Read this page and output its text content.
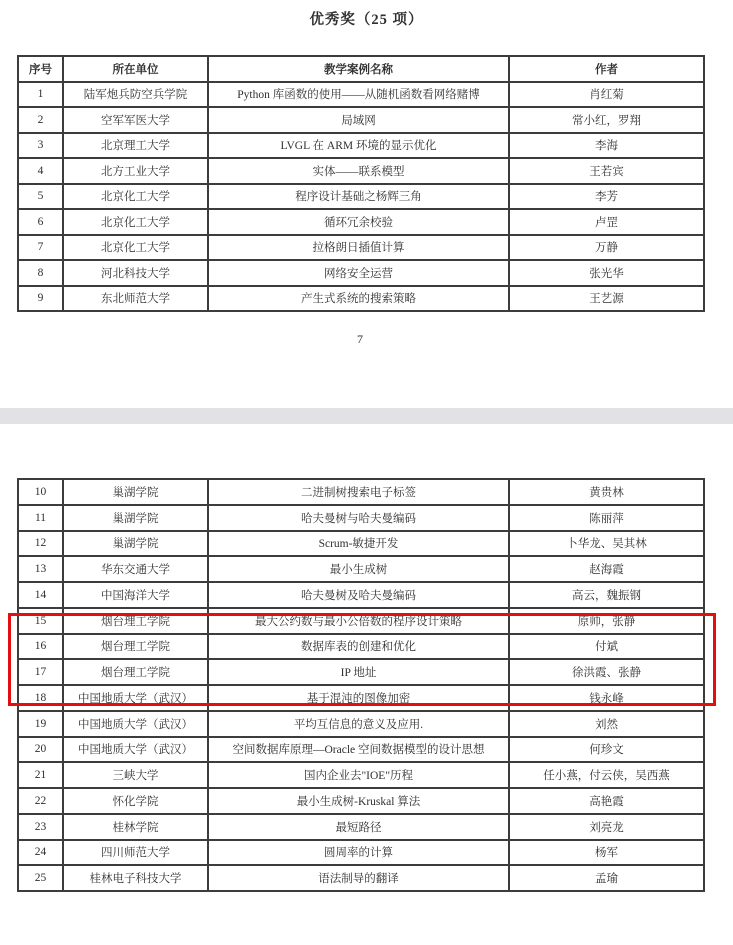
优秀奖（25 项）
序号	所在单位	教学案例名称	作者
1	陆军炮兵防空兵学院	Python 库函数的使用——从随机函数看网络赌博	肖红菊
2	空军军医大学	局域网	常小红，罗翔
3	北京理工大学	LVGL 在 ARM 环境的显示优化	李海
4	北方工业大学	实体——联系模型	王若宾
5	北京化工大学	程序设计基础之杨辉三角	李芳
6	北京化工大学	循环冗余校验	卢罡
7	北京化工大学	拉格朗日插值计算	万静
8	河北科技大学	网络安全运营	张光华
9	东北师范大学	产生式系统的搜索策略	王艺源
7
10	巢湖学院	二进制树搜索电子标签	黄贵林
11	巢湖学院	哈夫曼树与哈夫曼编码	陈丽萍
12	巢湖学院	Scrum-敏捷开发	卜华龙、吴其林
13	华东交通大学	最小生成树	赵海霞
14	中国海洋大学	哈夫曼树及哈夫曼编码	高云，魏振钢
15	烟台理工学院	最大公约数与最小公倍数的程序设计策略	原帅，张静
16	烟台理工学院	数据库表的创建和优化	付斌
17	烟台理工学院	IP 地址	徐洪霞、张静
18	中国地质大学（武汉）	基于混沌的图像加密	钱永峰
19	中国地质大学（武汉）	平均互信息的意义及应用.	刘然
20	中国地质大学（武汉）	空间数据库原理—Oracle 空间数据模型的设计思想	何珍文
21	三峡大学	国内企业去"IOE"历程	任小燕，付云侠，吴西燕
22	怀化学院	最小生成树-Kruskal 算法	高艳霞
23	桂林学院	最短路径	刘亮龙
24	四川师范大学	圆周率的计算	杨军
25	桂林电子科技大学	语法制导的翻译	孟瑜
